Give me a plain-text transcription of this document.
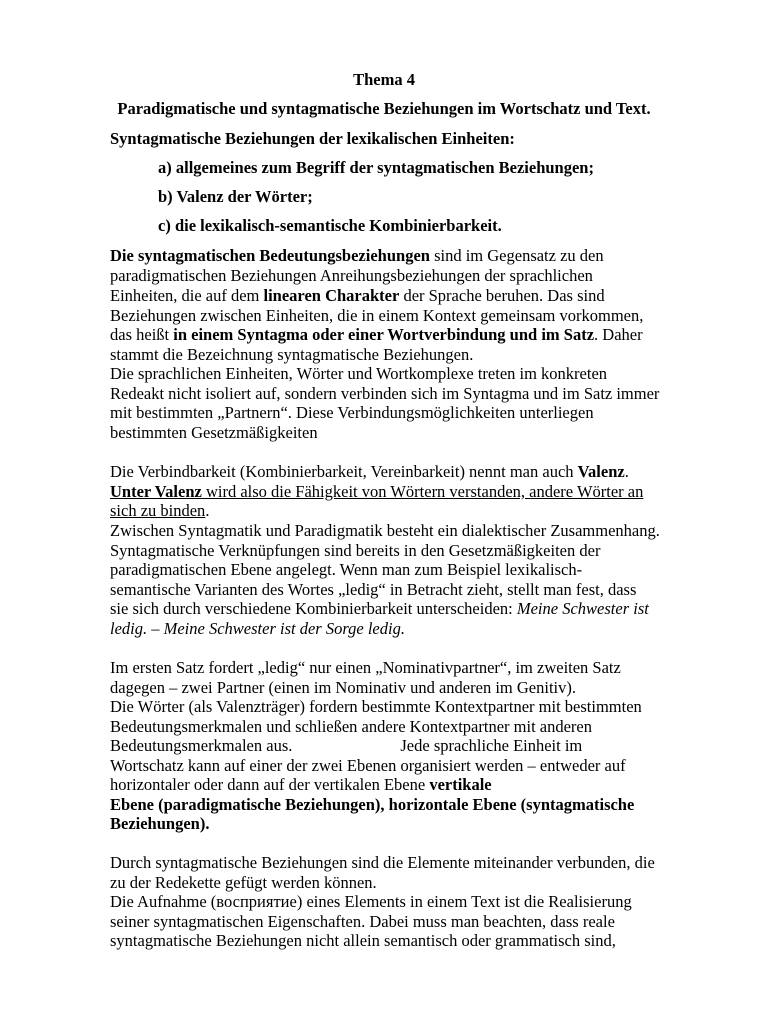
Thema 4
Paradigmatische und syntagmatische Beziehungen im Wortschatz und Text.
Syntagmatische Beziehungen der lexikalischen Einheiten:
a) allgemeines zum Begriff der syntagmatischen Beziehungen;
b) Valenz der Wörter;
c) die lexikalisch-semantische Kombinierbarkeit.
Die syntagmatischen Bedeutungsbeziehungen sind im Gegensatz zu den
paradigmatischen Beziehungen Anreihungsbeziehungen der sprachlichen
Einheiten, die auf dem linearen Charakter der Sprache beruhen. Das sind
Beziehungen zwischen Einheiten, die in einem Kontext gemeinsam vorkommen,
das heißt in einem Syntagma oder einer Wortverbindung und im Satz. Daher
stammt die Bezeichnung syntagmatische Beziehungen.
Die sprachlichen Einheiten, Wörter und Wortkomplexe treten im konkreten
Redeakt nicht isoliert auf, sondern verbinden sich im Syntagma und im Satz immer
mit bestimmten „Partnern“. Diese Verbindungsmöglichkeiten unterliegen
bestimmten Gesetzmäßigkeiten
Die Verbindbarkeit (Kombinierbarkeit, Vereinbarkeit) nennt man auch Valenz.
Unter Valenz wird also die Fähigkeit von Wörtern verstanden, andere Wörter an
sich zu binden.
Zwischen Syntagmatik und Paradigmatik besteht ein dialektischer Zusammenhang.
Syntagmatische Verknüpfungen sind bereits in den Gesetzmäßigkeiten der
paradigmatischen Ebene angelegt. Wenn man zum Beispiel lexikalisch-
semantische Varianten des Wortes „ledig“ in Betracht zieht, stellt man fest, dass
sie sich durch verschiedene Kombinierbarkeit unterscheiden: Meine Schwester ist
ledig. – Meine Schwester ist der Sorge ledig.
Im ersten Satz fordert „ledig“ nur einen „Nominativpartner“, im zweiten Satz
dagegen – zwei Partner (einen im Nominativ und anderen im Genitiv).
Die Wörter (als Valenzträger) fordern bestimmte Kontextpartner mit bestimmten
Bedeutungsmerkmalen und schließen andere Kontextpartner mit anderen
Bedeutungsmerkmalen aus.	Jede sprachliche Einheit im
Wortschatz kann auf einer der zwei Ebenen organisiert werden – entweder auf
horizontaler oder dann auf der vertikalen Ebene vertikale
Ebene (paradigmatische Beziehungen), horizontale Ebene (syntagmatische
Beziehungen).
Durch syntagmatische Beziehungen sind die Elemente miteinander verbunden, die
zu der Redekette gefügt werden können.
Die Aufnahme (восприятие) eines Elements in einem Text ist die Realisierung
seiner syntagmatischen Eigenschaften. Dabei muss man beachten, dass reale
syntagmatische Beziehungen nicht allein semantisch oder grammatisch sind,
